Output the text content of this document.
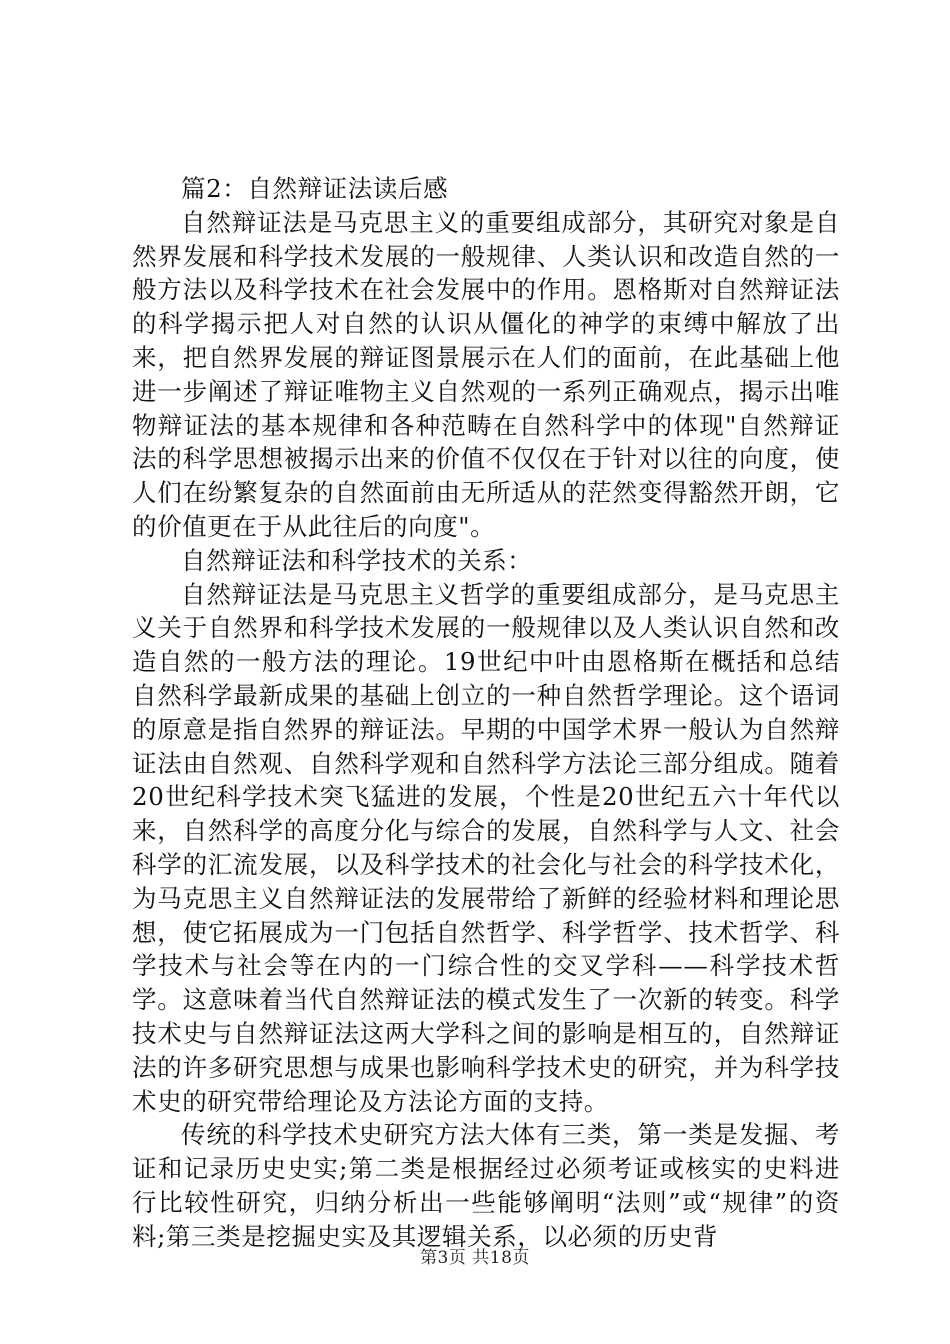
篇2：自然辩证法读后感

自然辩证法是马克思主义的重要组成部分，其研究对象是自然界发展和科学技术发展的一般规律、人类认识和改造自然的一般方法以及科学技术在社会发展中的作用。恩格斯对自然辩证法的科学揭示把人对自然的认识从僵化的神学的束缚中解放了出来，把自然界发展的辩证图景展示在人们的面前，在此基础上他进一步阐述了辩证唯物主义自然观的一系列正确观点，揭示出唯物辩证法的基本规律和各种范畴在自然科学中的体现"自然辩证法的科学思想被揭示出来的价值不仅仅在于针对以往的向度，使人们在纷繁复杂的自然面前由无所适从的茫然变得豁然开朗，它的价值更在于从此往后的向度"。

自然辩证法和科学技术的关系：

自然辩证法是马克思主义哲学的重要组成部分，是马克思主义关于自然界和科学技术发展的一般规律以及人类认识自然和改造自然的一般方法的理论。19世纪中叶由恩格斯在概括和总结自然科学最新成果的基础上创立的一种自然哲学理论。这个语词的原意是指自然界的辩证法。早期的中国学术界一般认为自然辩证法由自然观、自然科学观和自然科学方法论三部分组成。随着20世纪科学技术突飞猛进的发展，个性是20世纪五六十年代以来，自然科学的高度分化与综合的发展，自然科学与人文、社会科学的汇流发展，以及科学技术的社会化与社会的科学技术化，为马克思主义自然辩证法的发展带给了新鲜的经验材料和理论思想，使它拓展成为一门包括自然哲学、科学哲学、技术哲学、科学技术与社会等在内的一门综合性的交叉学科——科学技术哲学。这意味着当代自然辩证法的模式发生了一次新的转变。科学技术史与自然辩证法这两大学科之间的影响是相互的，自然辩证法的许多研究思想与成果也影响科学技术史的研究，并为科学技术史的研究带给理论及方法论方面的支持。

传统的科学技术史研究方法大体有三类，第一类是发掘、考证和记录历史史实;第二类是根据经过必须考证或核实的史料进行比较性研究，归纳分析出一些能够阐明“法则”或“规律”的资料;第三类是挖掘史实及其逻辑关系，以必须的历史背

第3页 共18页
